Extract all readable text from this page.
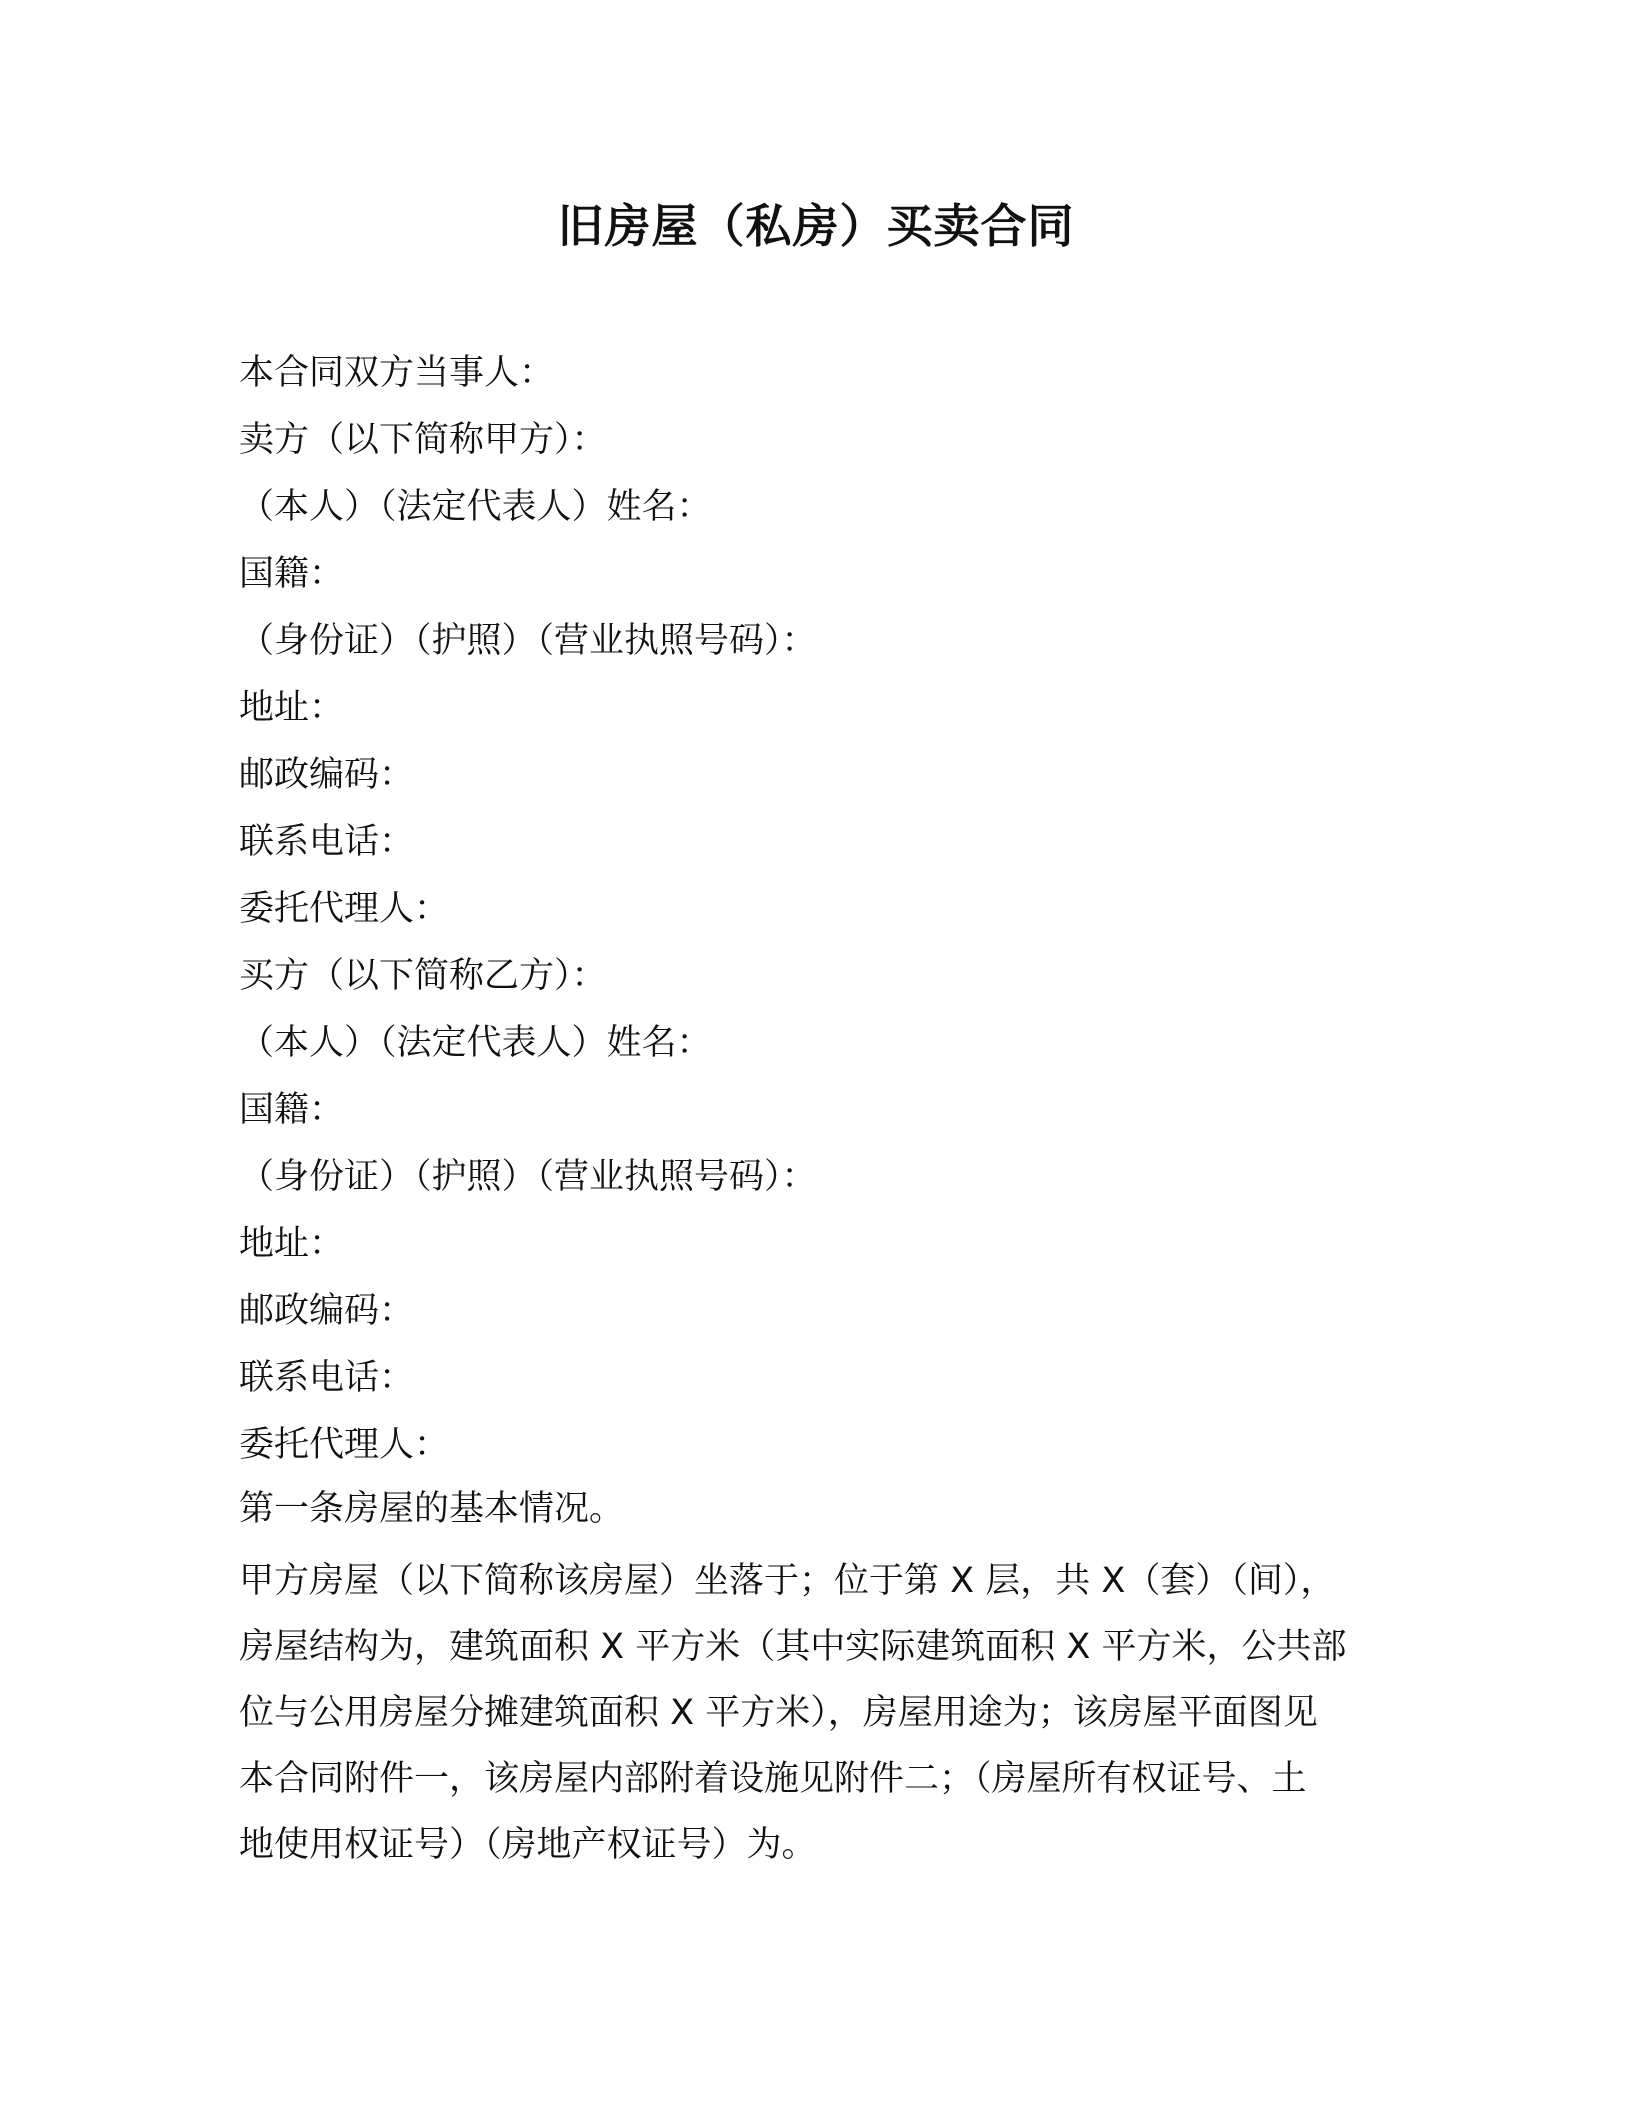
旧房屋（私房）买卖合同
本合同双方当事人：
卖方（以下简称甲方）：
（本人）（法定代表人）姓名：
国籍：
（身份证）（护照）（营业执照号码）：
地址：
邮政编码：
联系电话：
委托代理人：
买方（以下简称乙方）：
（本人）（法定代表人）姓名：
国籍：
（身份证）（护照）（营业执照号码）：
地址：
邮政编码：
联系电话：
委托代理人：
第一条房屋的基本情况。
甲方房屋（以下简称该房屋）坐落于；位于第 X 层，共 X（套）（间），
房屋结构为，建筑面积 X 平方米（其中实际建筑面积 X 平方米，公共部
位与公用房屋分摊建筑面积 X 平方米），房屋用途为；该房屋平面图见
本合同附件一，该房屋内部附着设施见附件二；（房屋所有权证号、土
地使用权证号）（房地产权证号）为。
